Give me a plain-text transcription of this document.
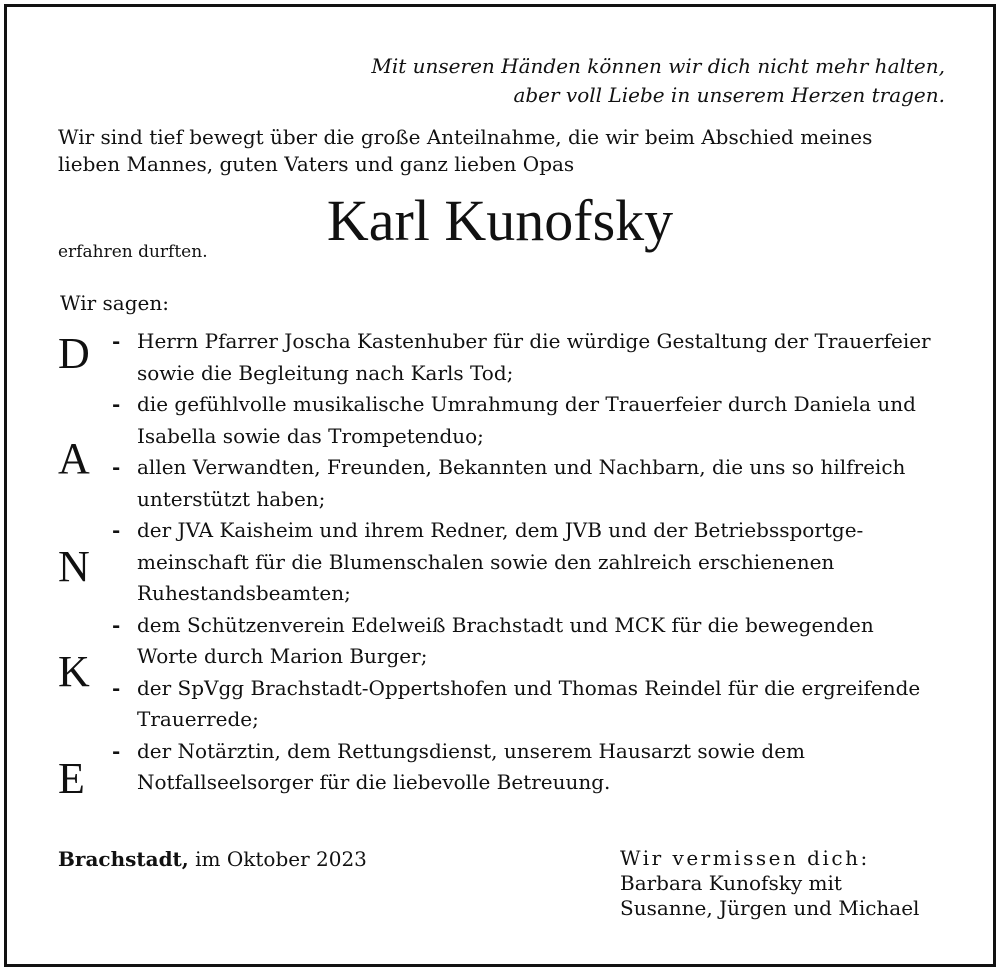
Mit unseren Händen können wir dich nicht mehr halten,
aber voll Liebe in unserem Herzen tragen.
Wir sind tief bewegt über die große Anteilnahme, die wir beim Abschied meines lieben Mannes, guten Vaters und ganz lieben Opas
Karl Kunofsky
erfahren durften.
Wir sagen:
D
A
N
K
E
- Herrn Pfarrer Joscha Kastenhuber für die würdige Gestaltung der Trauerfeier sowie die Begleitung nach Karls Tod;
- die gefühlvolle musikalische Umrahmung der Trauerfeier durch Daniela und Isabella sowie das Trompetenduo;
- allen Verwandten, Freunden, Bekannten und Nachbarn, die uns so hilfreich unterstützt haben;
- der JVA Kaisheim und ihrem Redner, dem JVB und der Betriebssportge-meinschaft für die Blumenschalen sowie den zahlreich erschienenen Ruhestandsbeamten;
- dem Schützenverein Edelweiß Brachstadt und MCK für die bewegenden Worte durch Marion Burger;
- der SpVgg Brachstadt-Oppertshofen und Thomas Reindel für die ergreifende Trauerrede;
- der Notärztin, dem Rettungsdienst, unserem Hausarzt sowie dem Notfallseelsorger für die liebevolle Betreuung.
Brachstadt, im Oktober 2023	Wir vermissen dich:
Barbara Kunofsky mit
Susanne, Jürgen und Michael
